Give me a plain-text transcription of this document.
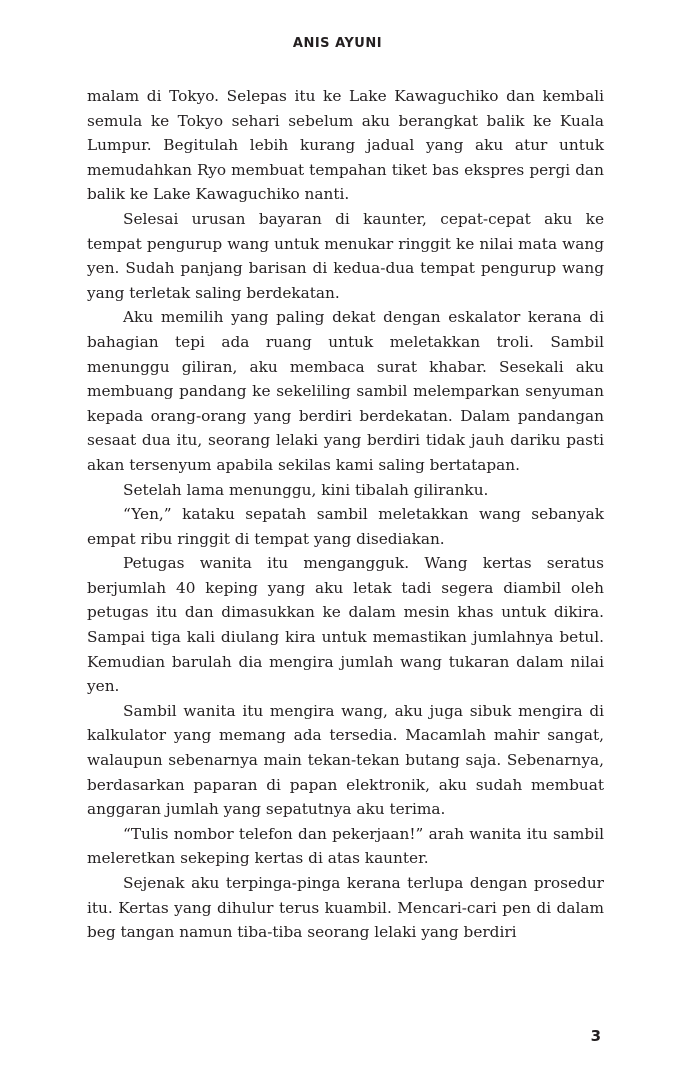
ANIS AYUNI

malam di Tokyo. Selepas itu ke Lake Kawaguchiko dan kembali semula ke Tokyo sehari sebelum aku berangkat balik ke Kuala Lumpur. Begitulah lebih kurang jadual yang aku atur untuk memudahkan Ryo membuat tempahan tiket bas ekspres pergi dan balik ke Lake Kawaguchiko nanti.

Selesai urusan bayaran di kaunter, cepat-cepat aku ke tempat pengurup wang untuk menukar ringgit ke nilai mata wang yen. Sudah panjang barisan di kedua-dua tempat pengurup wang yang terletak saling berdekatan.

Aku memilih yang paling dekat dengan eskalator kerana di bahagian tepi ada ruang untuk meletakkan troli. Sambil menunggu giliran, aku membaca surat khabar. Sesekali aku membuang pandang ke sekeliling sambil melemparkan senyuman kepada orang-orang yang berdiri berdekatan. Dalam pandangan sesaat dua itu, seorang lelaki yang berdiri tidak jauh dariku pasti akan tersenyum apabila sekilas kami saling bertatapan.

Setelah lama menunggu, kini tibalah giliranku.

“Yen,” kataku sepatah sambil meletakkan wang sebanyak empat ribu ringgit di tempat yang disediakan.

Petugas wanita itu mengangguk. Wang kertas seratus berjumlah 40 keping yang aku letak tadi segera diambil oleh petugas itu dan dimasukkan ke dalam mesin khas untuk dikira. Sampai tiga kali diulang kira untuk memastikan jumlahnya betul. Kemudian barulah dia mengira jumlah wang tukaran dalam nilai yen.

Sambil wanita itu mengira wang, aku juga sibuk mengira di kalkulator yang memang ada tersedia. Macamlah mahir sangat, walaupun sebenarnya main tekan-tekan butang saja. Sebenarnya, berdasarkan paparan di papan elektronik, aku sudah membuat anggaran jumlah yang sepatutnya aku terima.

“Tulis nombor telefon dan pekerjaan!” arah wanita itu sambil meleretkan sekeping kertas di atas kaunter.

Sejenak aku terpinga-pinga kerana terlupa dengan prosedur itu. Kertas yang dihulur terus kuambil. Mencari-cari pen di dalam beg tangan namun tiba-tiba seorang lelaki yang berdiri

3
